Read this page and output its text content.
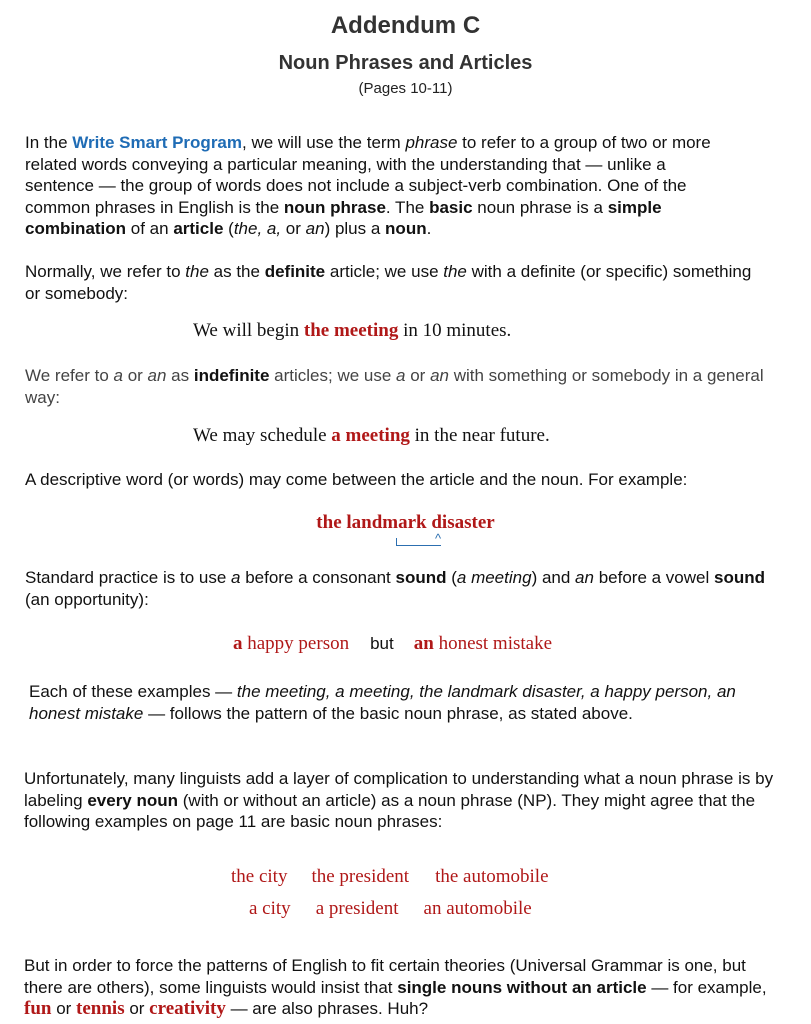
Addendum C
Noun Phrases and Articles
(Pages 10-11)

In the Write Smart Program, we will use the term phrase to refer to a group of two or more related words conveying a particular meaning, with the understanding that — unlike a sentence — the group of words does not include a subject-verb combination. One of the common phrases in English is the noun phrase. The basic noun phrase is a simple combination of an article (the, a, or an) plus a noun.

Normally, we refer to the as the definite article; we use the with a definite (or specific) something or somebody:

We will begin the meeting in 10 minutes.

We refer to a or an as indefinite articles; we use a or an with something or somebody in a general way:

We may schedule a meeting in the near future.

A descriptive word (or words) may come between the article and the noun. For example:

the landmark disaster
^

Standard practice is to use a before a consonant sound (a meeting) and an before a vowel sound (an opportunity):

a happy person but an honest mistake

Each of these examples — the meeting, a meeting, the landmark disaster, a happy person, an honest mistake — follows the pattern of the basic noun phrase, as stated above.

Unfortunately, many linguists add a layer of complication to understanding what a noun phrase is by labeling every noun (with or without an article) as a noun phrase (NP). They might agree that the following examples on page 11 are basic noun phrases:

the city the president the automobile
a city a president an automobile

But in order to force the patterns of English to fit certain theories (Universal Grammar is one, but there are others), some linguists would insist that single nouns without an article — for example, fun or tennis or creativity — are also phrases. Huh?
